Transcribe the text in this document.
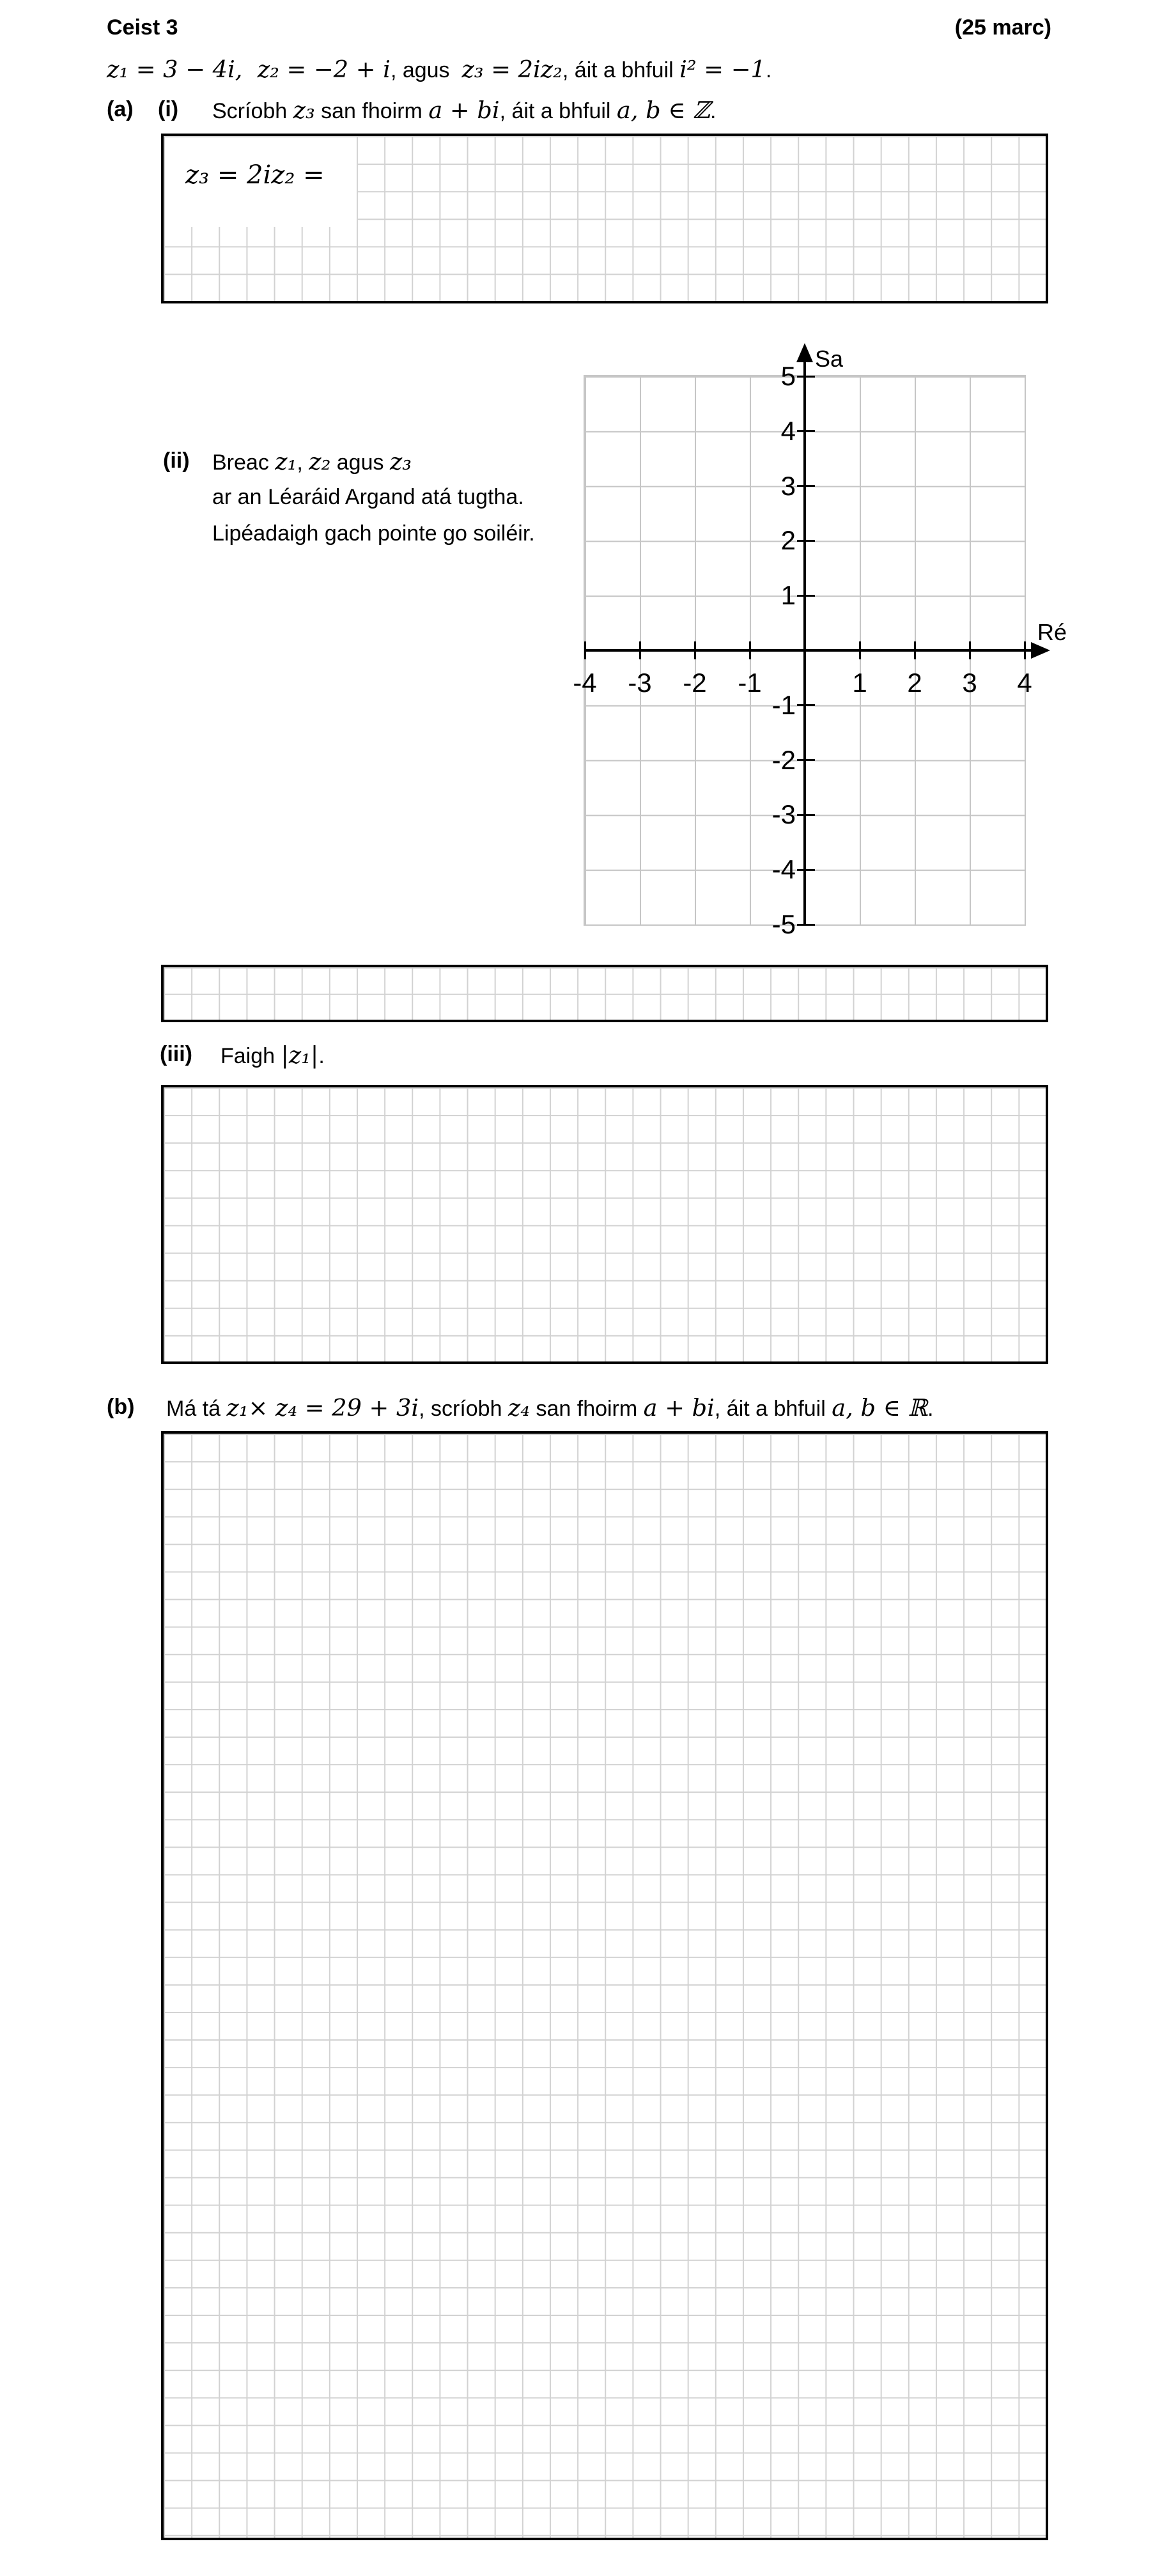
Ceist 3	(25 marc)
z₁ = 3 − 4i,  z₂ = −2 + i, agus  z₃ = 2iz₂, áit a bhfuil i² = −1.
(a) (i) Scríobh z₃ san fhoirm a + bi, áit a bhfuil a, b ∈ ℤ.
z₃ = 2iz₂ =
(ii) Breac z₁, z₂ agus z₃
ar an Léaráid Argand atá tugtha.
Lipéadaigh gach pointe go soiléir.
Sa
Ré
-4	-3	-2	-1	1	2	3	4
5
4
3
2
1
-1
-2
-3
-4
-5
(iii) Faigh |z₁|.
(b) Má tá z₁× z₄ = 29 + 3i, scríobh z₄ san fhoirm a + bi, áit a bhfuil a, b ∈ ℝ.
